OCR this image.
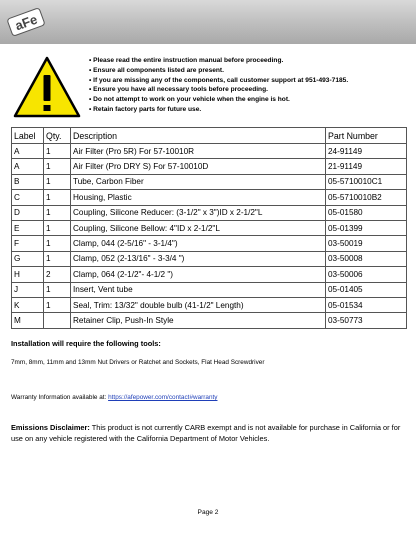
aFe
• Please read the entire instruction manual before proceeding.
• Ensure all components listed are present.
• If you are missing any of the components, call customer support at 951-493-7185.
• Ensure you have all necessary tools before proceeding.
• Do not attempt to work on your vehicle when the engine is hot.
• Retain factory parts for future use.
Label	Qty.	Description	Part Number
A	1	Air Filter (Pro 5R) For 57-10010R	24-91149
A	1	Air Filter (Pro DRY S) For 57-10010D	21-91149
B	1	Tube, Carbon Fiber	05-5710010C1
C	1	Housing, Plastic	05-5710010B2
D	1	Coupling, Silicone Reducer: (3-1/2" x 3")ID x 2-1/2"L	05-01580
E	1	Coupling, Silicone Bellow: 4"ID x 2-1/2"L	05-01399
F	1	Clamp, 044 (2-5/16" - 3-1/4")	03-50019
G	1	Clamp, 052 (2-13/16" - 3-3/4 ")	03-50008
H	2	Clamp, 064 (2-1/2"- 4-1/2 ")	03-50006
J	1	Insert, Vent tube	05-01405
K	1	Seal, Trim: 13/32" double bulb (41-1/2" Length)	05-01534
M		Retainer Clip, Push-In Style	03-50773
Installation will require the following tools:
7mm, 8mm, 11mm and 13mm Nut Drivers or Ratchet and Sockets, Flat Head Screwdriver
Warranty Information available at: https://afepower.com/contact#warranty
Emissions Disclaimer: This product is not currently CARB exempt and is not available for purchase in California or for use on any vehicle registered with the California Department of Motor Vehicles.
Page 2
